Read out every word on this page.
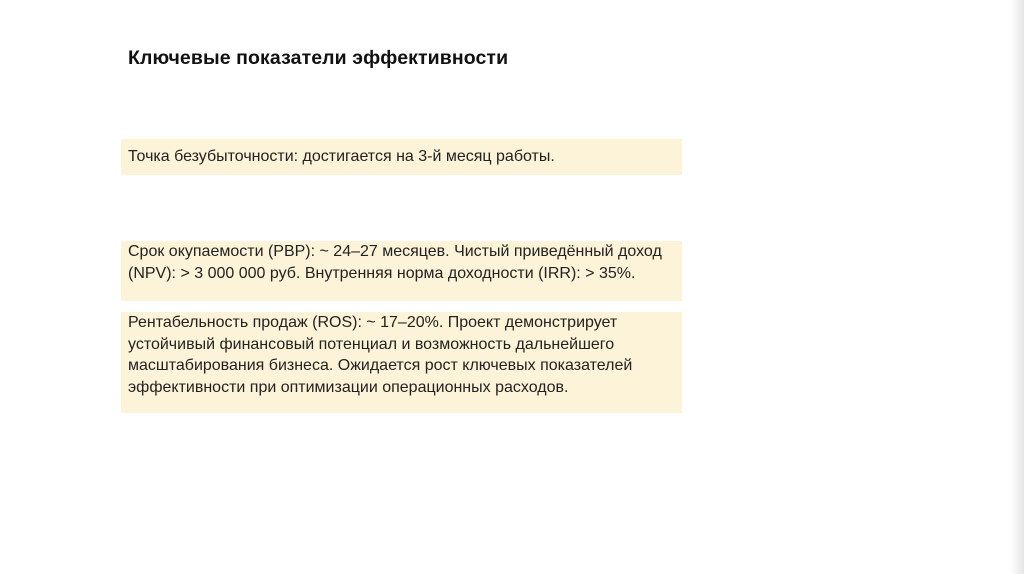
Ключевые показатели эффективности
Точка безубыточности: достигается на 3-й месяц работы.
Срок окупаемости (PBP): ~ 24–27 месяцев. Чистый приведённый доход (NPV): > 3 000 000 руб. Внутренняя норма доходности (IRR): > 35%.
Рентабельность продаж (ROS): ~ 17–20%. Проект демонстрирует устойчивый финансовый потенциал и возможность дальнейшего масштабирования бизнеса. Ожидается рост ключевых показателей эффективности при оптимизации операционных расходов.
